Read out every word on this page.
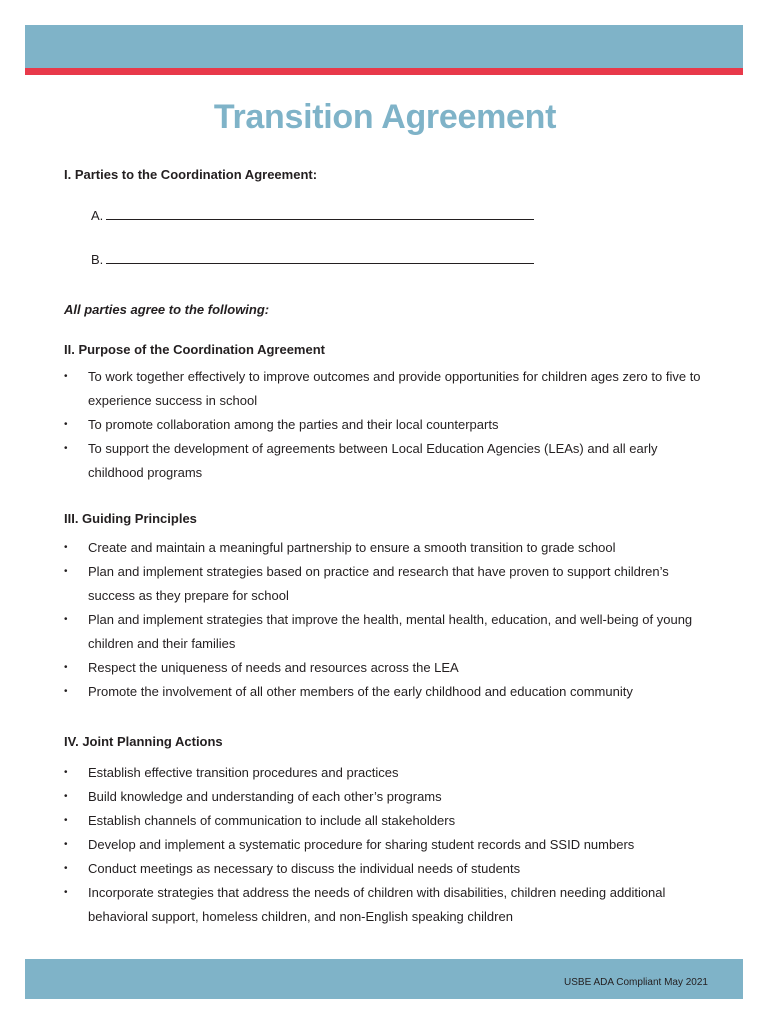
Transition Agreement
I. Parties to the Coordination Agreement:
A.
B.
All parties agree to the following:
II. Purpose of the Coordination Agreement
• To work together effectively to improve outcomes and provide opportunities for children ages zero to five to experience success in school
• To promote collaboration among the parties and their local counterparts
• To support the development of agreements between Local Education Agencies (LEAs) and all early childhood programs
III. Guiding Principles
• Create and maintain a meaningful partnership to ensure a smooth transition to grade school
• Plan and implement strategies based on practice and research that have proven to support children’s success as they prepare for school
• Plan and implement strategies that improve the health, mental health, education, and well-being of young children and their families
• Respect the uniqueness of needs and resources across the LEA
• Promote the involvement of all other members of the early childhood and education community
IV. Joint Planning Actions
• Establish effective transition procedures and practices
• Build knowledge and understanding of each other’s programs
• Establish channels of communication to include all stakeholders
• Develop and implement a systematic procedure for sharing student records and SSID numbers
• Conduct meetings as necessary to discuss the individual needs of students
• Incorporate strategies that address the needs of children with disabilities, children needing additional behavioral support, homeless children, and non-English speaking children
USBE ADA Compliant May 2021
